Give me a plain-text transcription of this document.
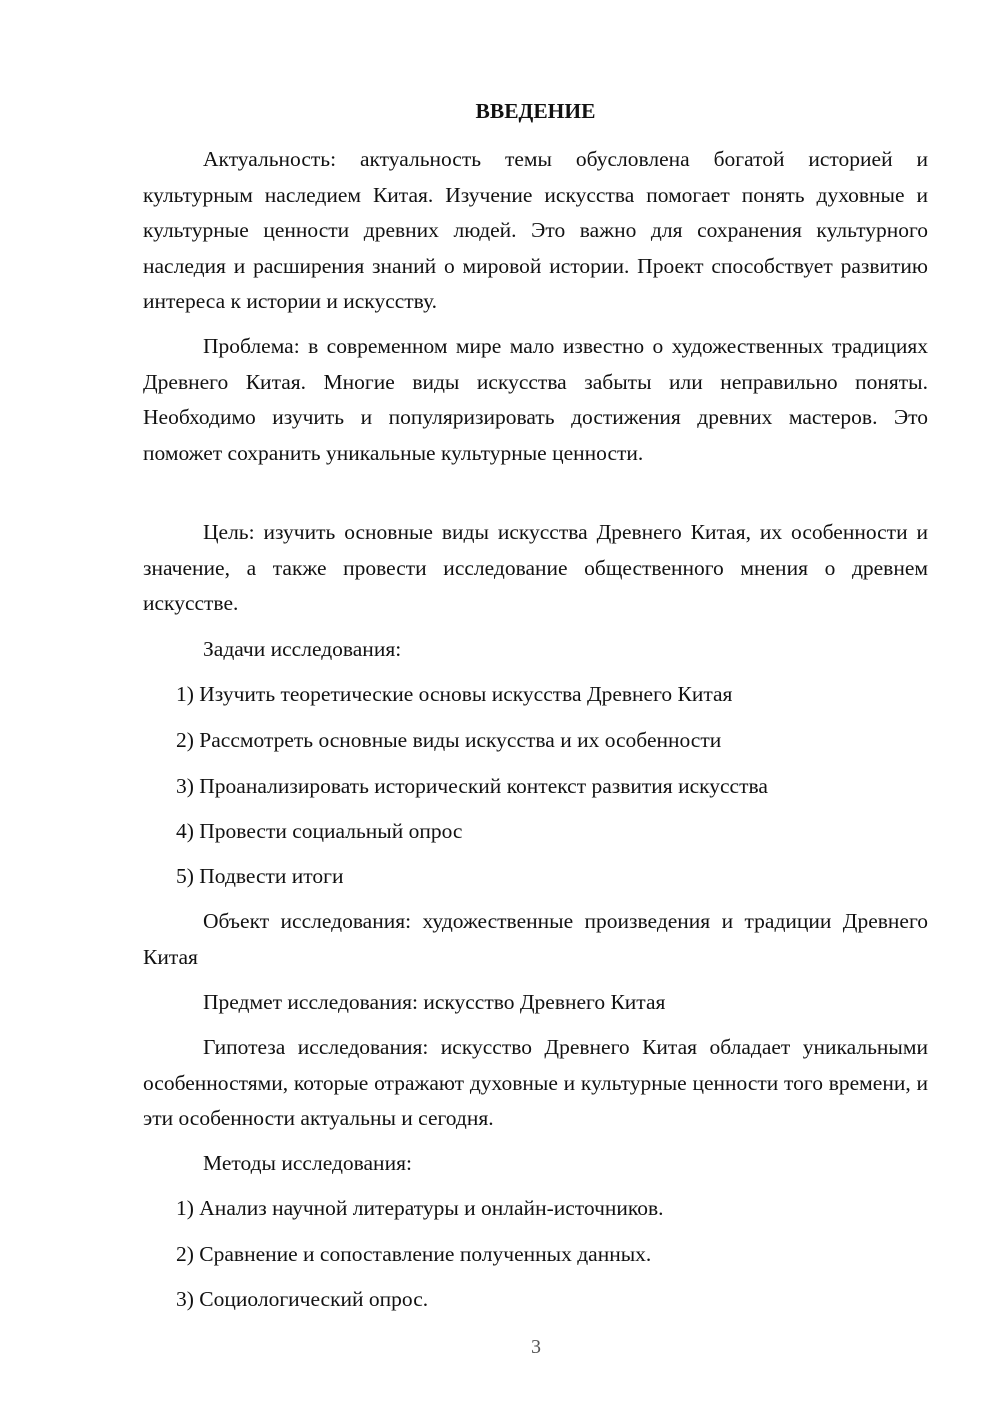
ВВЕДЕНИЕ

Актуальность: актуальность темы обусловлена богатой историей и культурным наследием Китая. Изучение искусства помогает понять духовные и культурные ценности древних людей. Это важно для сохранения культурного наследия и расширения знаний о мировой истории. Проект способствует развитию интереса к истории и искусству.

Проблема: в современном мире мало известно о художественных традициях Древнего Китая. Многие виды искусства забыты или неправильно поняты. Необходимо изучить и популяризировать достижения древних мастеров. Это поможет сохранить уникальные культурные ценности.

Цель: изучить основные виды искусства Древнего Китая, их особенности и значение, а также провести исследование общественного мнения о древнем искусстве.

Задачи исследования:
1) Изучить теоретические основы искусства Древнего Китая
2) Рассмотреть основные виды искусства и их особенности
3) Проанализировать исторический контекст развития искусства
4) Провести социальный опрос
5) Подвести итоги

Объект исследования: художественные произведения и традиции Древнего Китая

Предмет исследования: искусство Древнего Китая

Гипотеза исследования: искусство Древнего Китая обладает уникальными особенностями, которые отражают духовные и культурные ценности того времени, и эти особенности актуальны и сегодня.

Методы исследования:
1) Анализ научной литературы и онлайн-источников.
2) Сравнение и сопоставление полученных данных.
3) Социологический опрос.
3
